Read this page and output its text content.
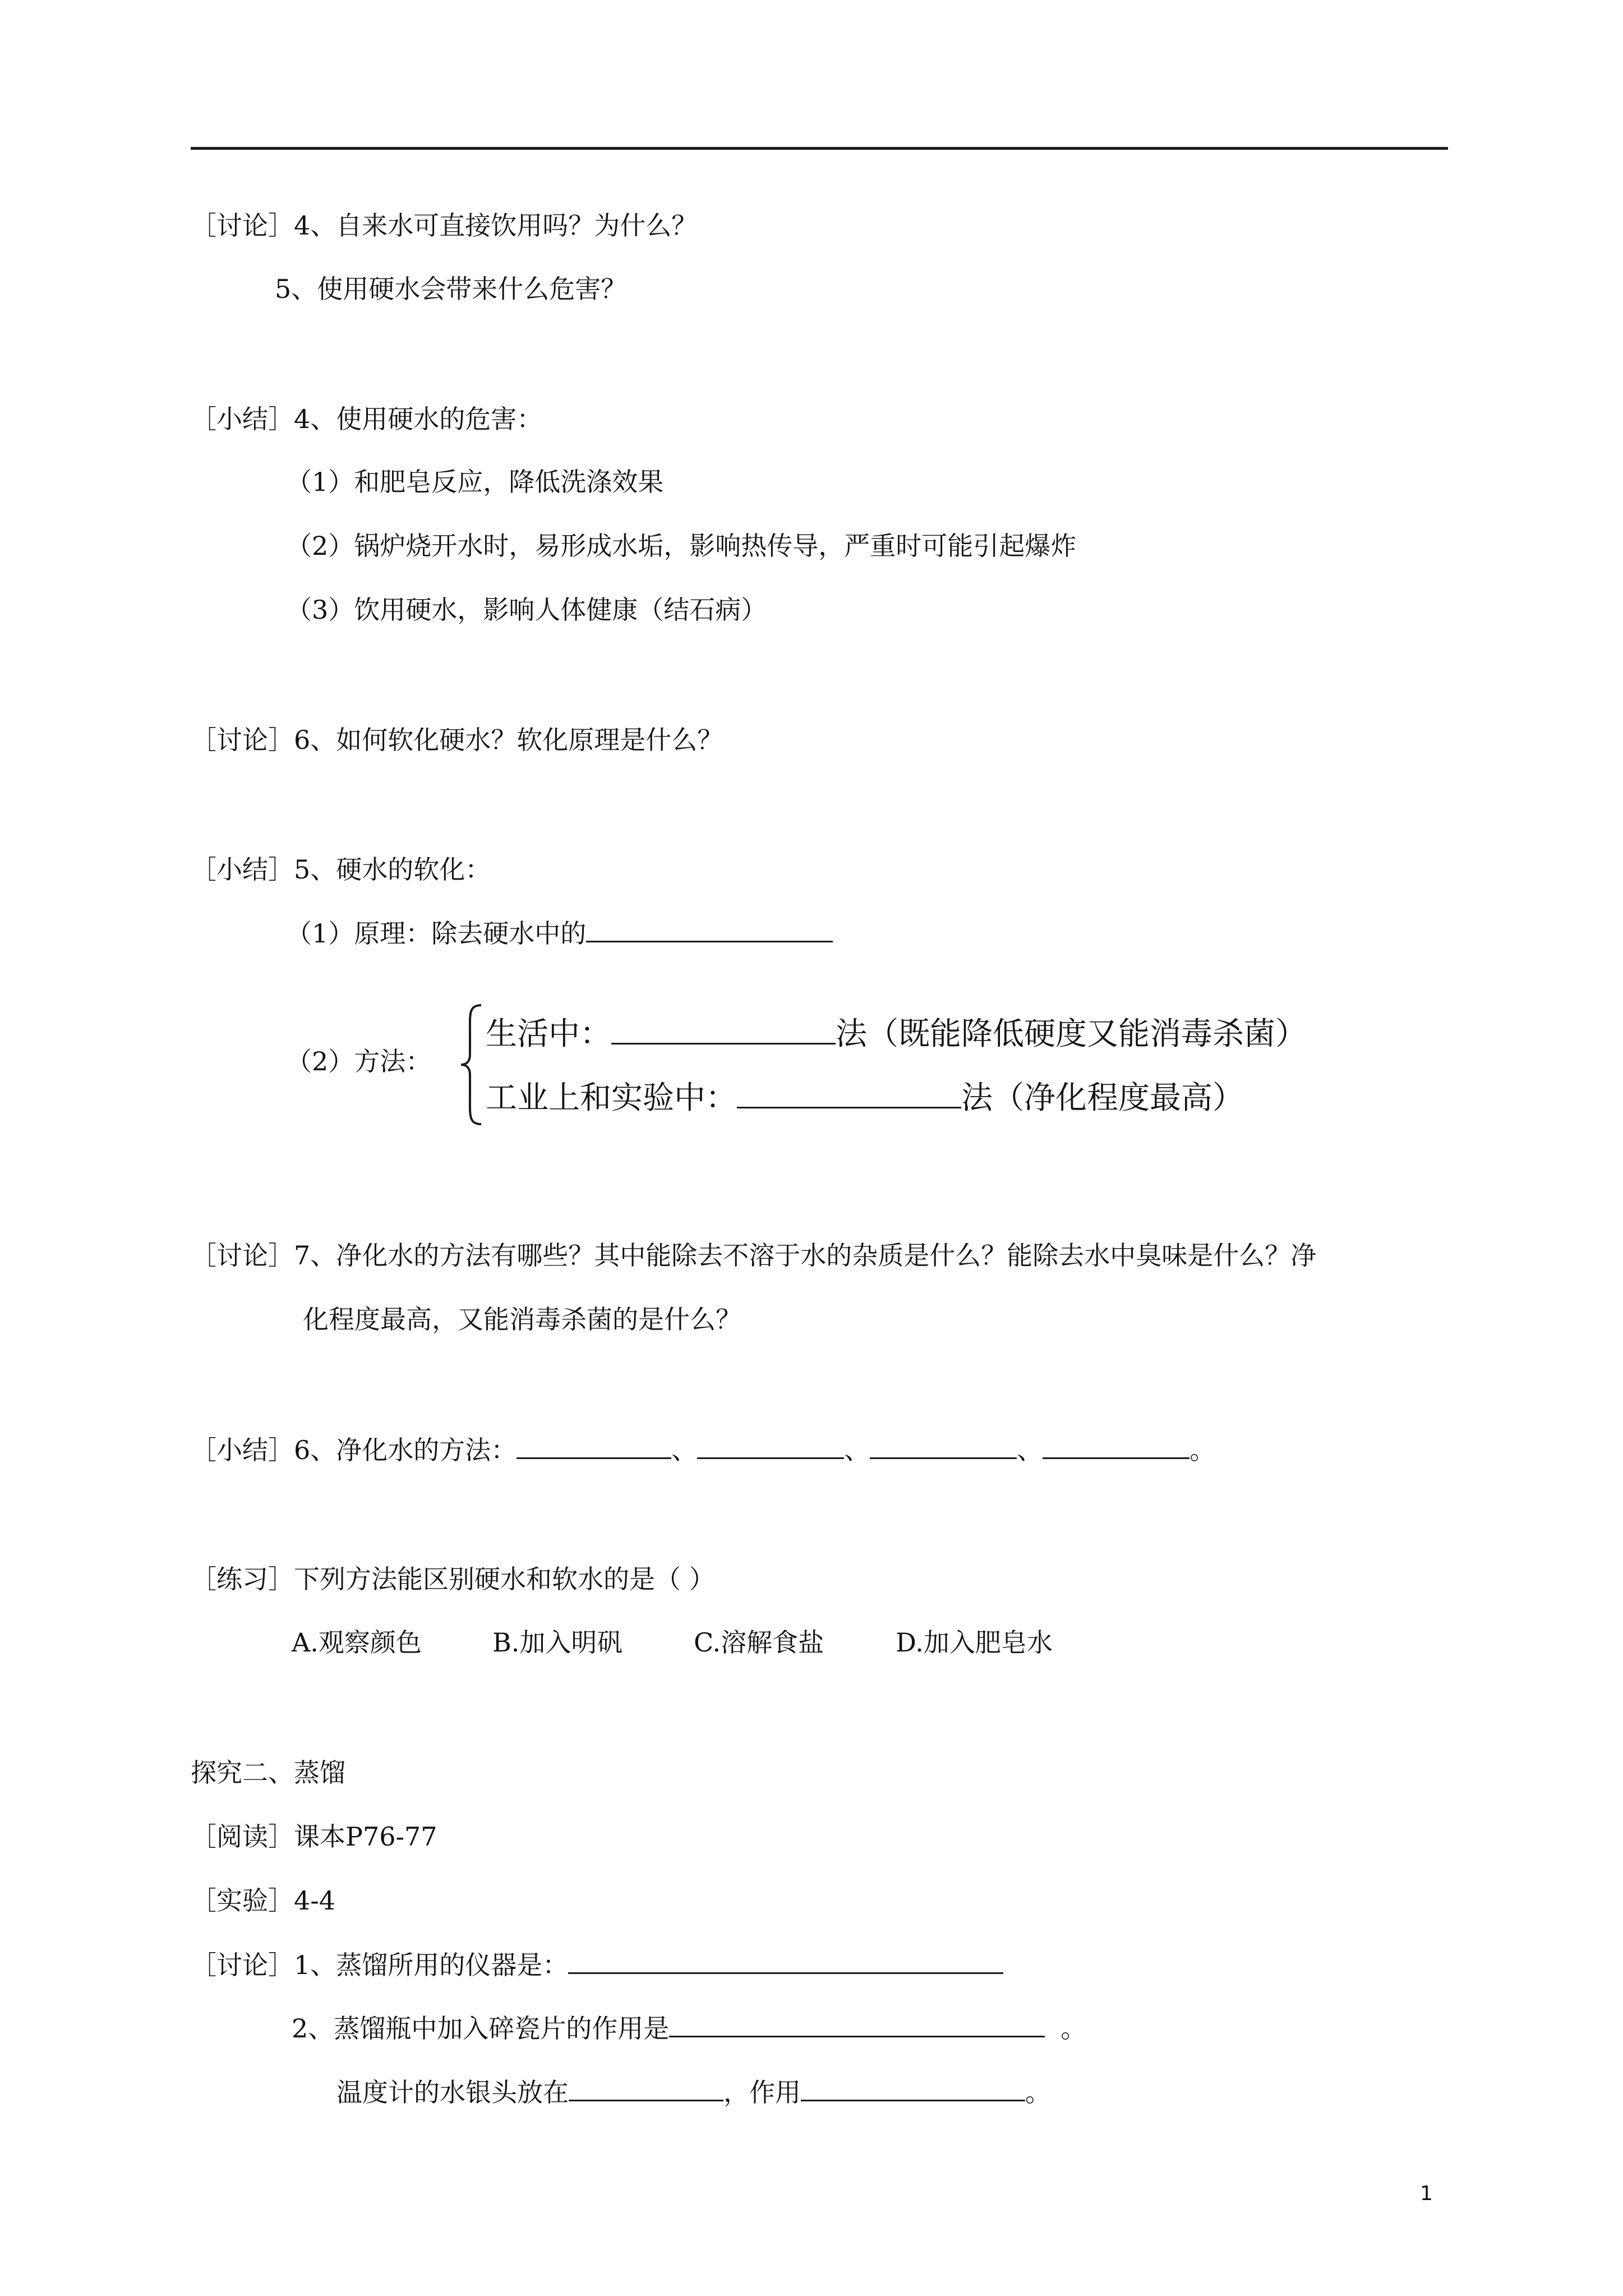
［讨论］4、自来水可直接饮用吗？为什么？
5、使用硬水会带来什么危害？
［小结］4、使用硬水的危害：
（1）和肥皂反应，降低洗涤效果
（2）锅炉烧开水时，易形成水垢，影响热传导，严重时可能引起爆炸
（3）饮用硬水，影响人体健康（结石病）
［讨论］6、如何软化硬水？软化原理是什么？
［小结］5、硬水的软化：
（1）原理：除去硬水中的
（2）方法：
生活中：	法（既能降低硬度又能消毒杀菌）
工业上和实验中：	法（净化程度最高）
［讨论］7、净化水的方法有哪些？其中能除去不溶于水的杂质是什么？能除去水中臭味是什么？净
化程度最高，又能消毒杀菌的是什么？
［小结］6、净化水的方法：	、	、	、	。
［练习］下列方法能区别硬水和软水的是（ ）
A.观察颜色	B.加入明矾	C.溶解食盐	D.加入肥皂水
探究二、蒸馏
［阅读］课本P76-77
［实验］4-4
［讨论］1、蒸馏所用的仪器是：
2、蒸馏瓶中加入碎瓷片的作用是	。
温度计的水银头放在	，作用	。
1
